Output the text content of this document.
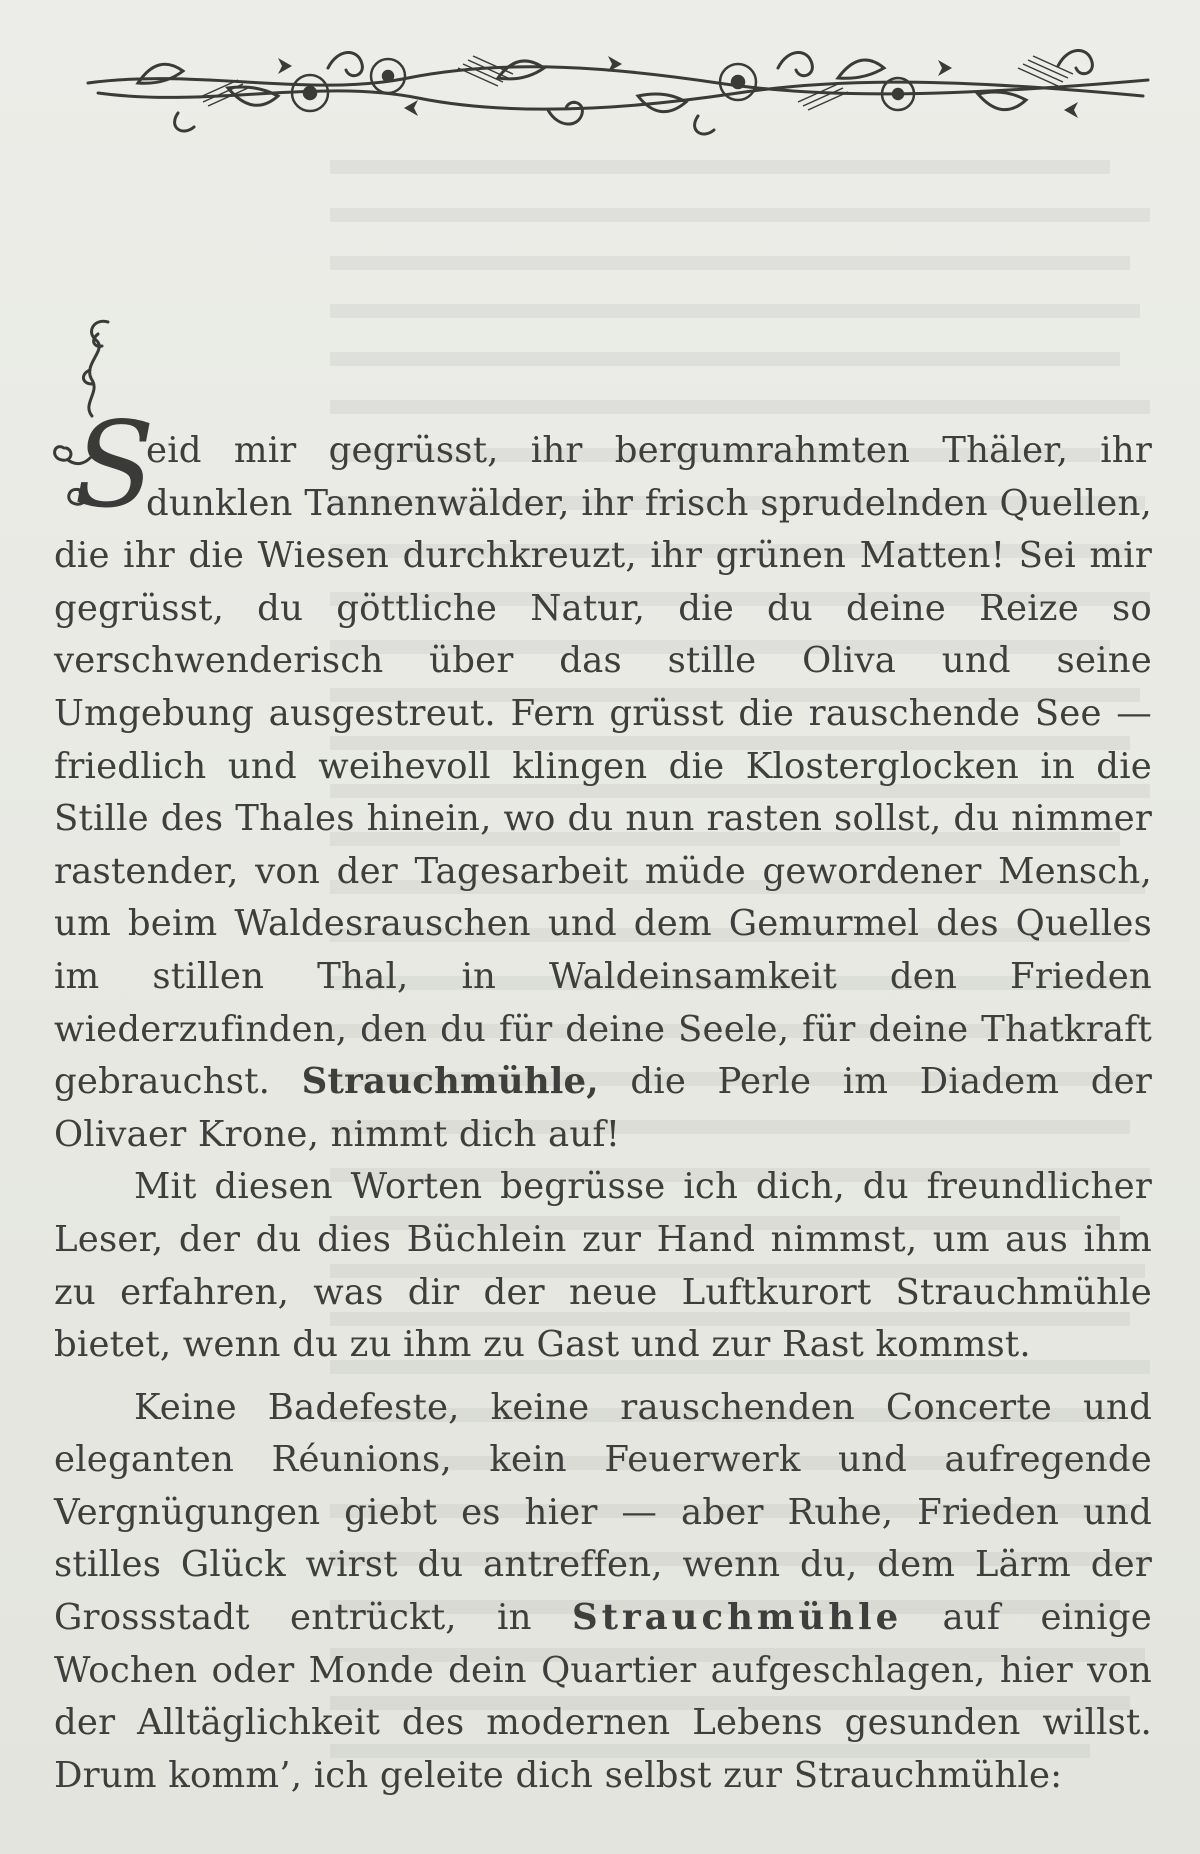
S
eid mir gegrüsst, ihr bergumrahmten Thäler, ihr dunklen Tannenwälder, ihr frisch sprudelnden Quellen, die ihr die Wiesen durchkreuzt, ihr grünen Matten! Sei mir gegrüsst, du göttliche Natur, die du deine Reize so verschwenderisch über das stille Oliva und seine Umgebung ausgestreut. Fern grüsst die rauschende See — friedlich und weihevoll klingen die Klosterglocken in die Stille des Thales hinein, wo du nun rasten sollst, du nimmer rastender, von der Tagesarbeit müde gewordener Mensch, um beim Waldesrauschen und dem Gemurmel des Quelles im stillen Thal, in Waldeinsamkeit den Frieden wiederzufinden, den du für deine Seele, für deine Thatkraft gebrauchst. Strauchmühle, die Perle im Diadem der Olivaer Krone, nimmt dich auf!

Mit diesen Worten begrüsse ich dich, du freundlicher Leser, der du dies Büchlein zur Hand nimmst, um aus ihm zu erfahren, was dir der neue Luftkurort Strauchmühle bietet, wenn du zu ihm zu Gast und zur Rast kommst.

Keine Badefeste, keine rauschenden Concerte und eleganten Réunions, kein Feuerwerk und aufregende Vergnügungen giebt es hier — aber Ruhe, Frieden und stilles Glück wirst du antreffen, wenn du, dem Lärm der Grossstadt entrückt, in Strauchmühle auf einige Wochen oder Monde dein Quartier aufgeschlagen, hier von der Alltäglichkeit des modernen Lebens gesunden willst. Drum komm’, ich geleite dich selbst zur Strauchmühle:
